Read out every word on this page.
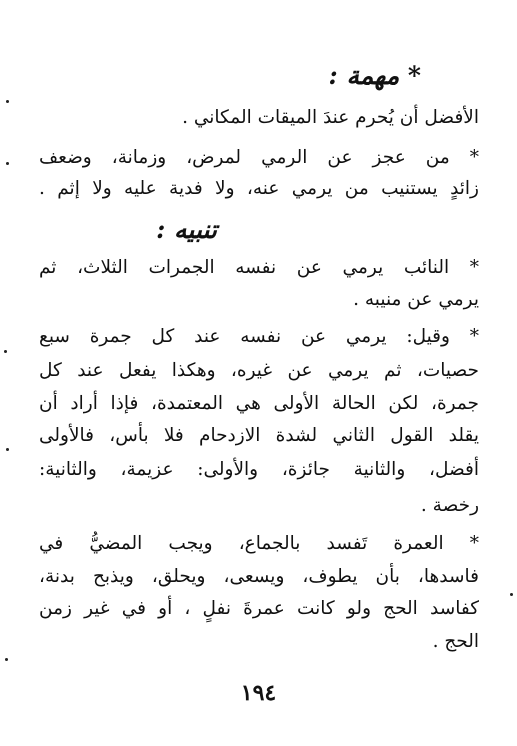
* مهمة :
الأفضل أن يُحرم عندَ الميقات المكاني .
* من عجز عن الرمي لمرض، وزمانة، وضعف
زائدٍ يستنيب من يرمي عنه، ولا فدية عليه ولا إثم .
تنبيه :
* النائب يرمي عن نفسه الجمرات الثلاث، ثم
يرمي عن منيبه .
* وقيل: يرمي عن نفسه عند كل جمرة سبع
حصيات، ثم يرمي عن غيره، وهكذا يفعل عند كل
جمرة، لكن الحالة الأولى هي المعتمدة، فإذا أراد أن
يقلد القول الثاني لشدة الازدحام فلا بأس، فالأولى
أفضل، والثانية جائزة، والأولى: عزيمة، والثانية:
رخصة .
* العمرة تَفسد بالجماع، ويجب المضيُّ في
فاسدها، بأن يطوف، ويسعى، ويحلق، ويذبح بدنة،
كفاسد الحج ولو كانت عمرةَ نفلٍ ، أو في غير زمن
الحج .
١٩٤
